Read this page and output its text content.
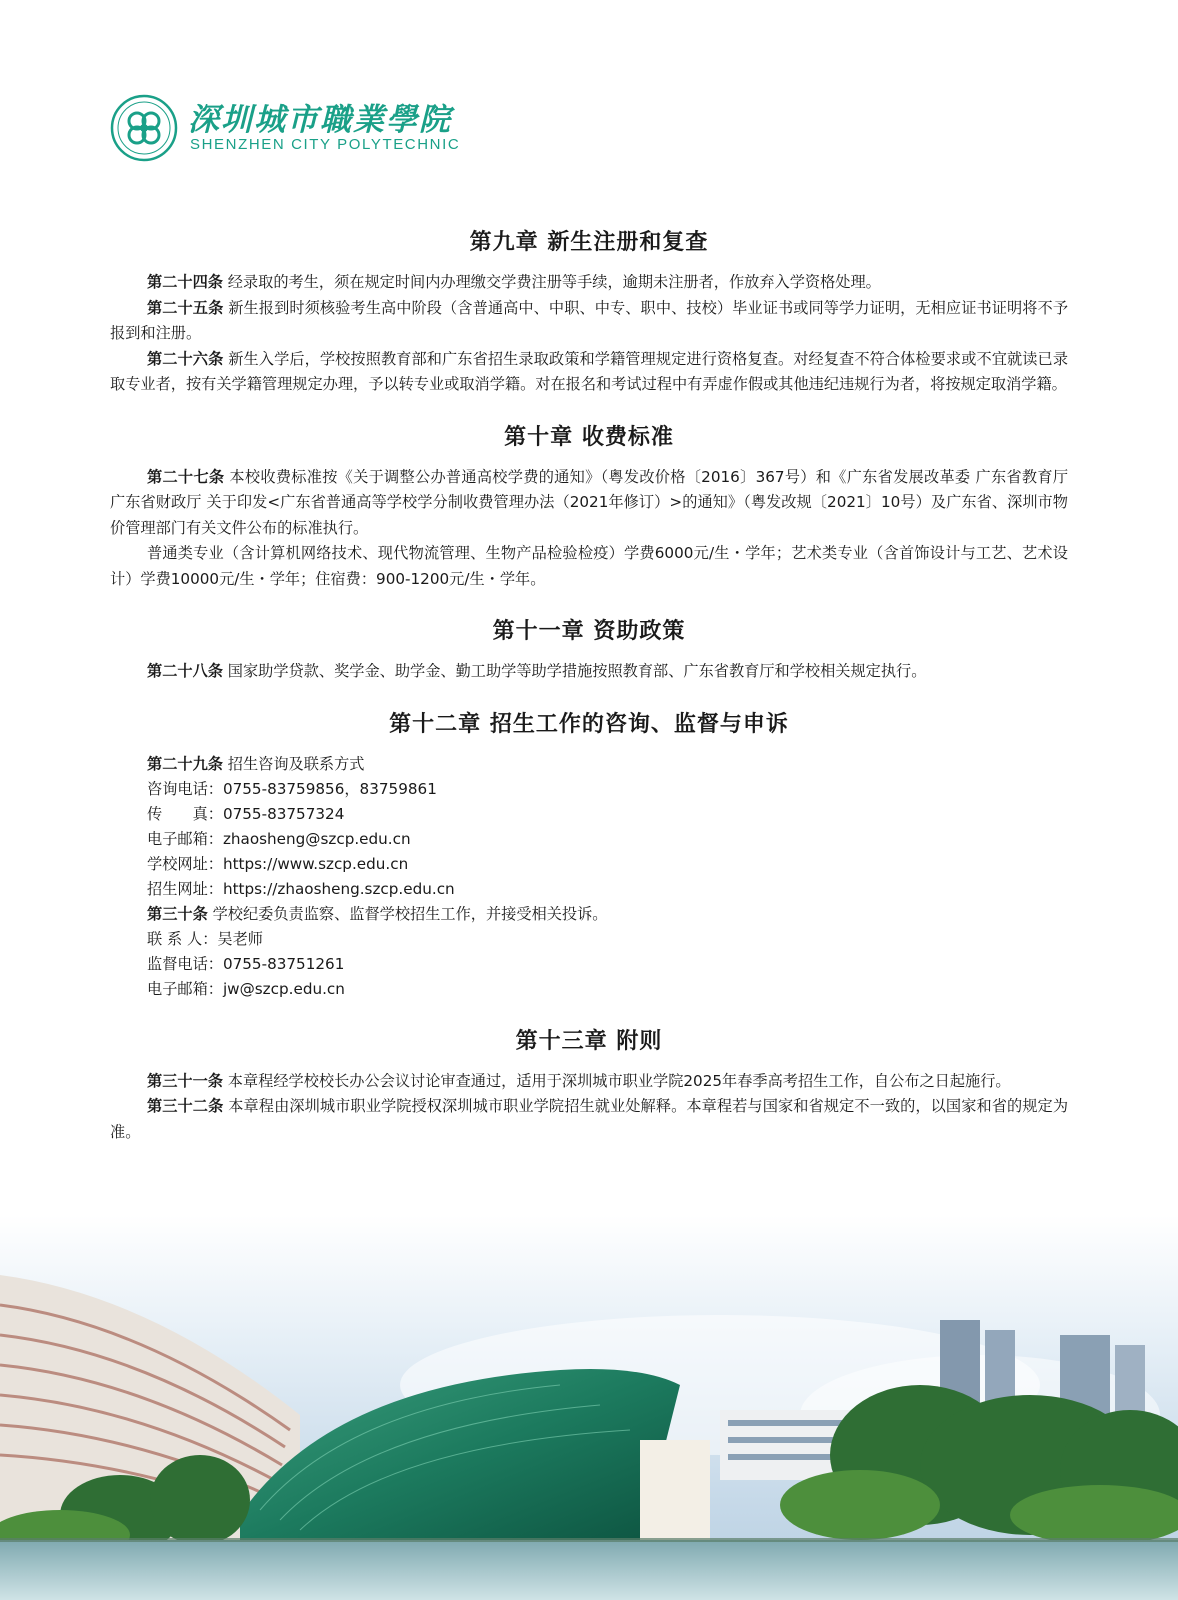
深圳城市職業學院
SHENZHEN CITY POLYTECHNIC
第九章 新生注册和复查

第二十四条 经录取的考生，须在规定时间内办理缴交学费注册等手续，逾期未注册者，作放弃入学资格处理。

第二十五条 新生报到时须核验考生高中阶段（含普通高中、中职、中专、职中、技校）毕业证书或同等学力证明，无相应证书证明将不予报到和注册。

第二十六条 新生入学后，学校按照教育部和广东省招生录取政策和学籍管理规定进行资格复查。对经复查不符合体检要求或不宜就读已录取专业者，按有关学籍管理规定办理，予以转专业或取消学籍。对在报名和考试过程中有弄虚作假或其他违纪违规行为者，将按规定取消学籍。

第十章 收费标准

第二十七条 本校收费标准按《关于调整公办普通高校学费的通知》（粤发改价格〔2016〕367号）和《广东省发展改革委 广东省教育厅 广东省财政厅 关于印发<广东省普通高等学校学分制收费管理办法（2021年修订）>的通知》（粤发改规〔2021〕10号）及广东省、深圳市物价管理部门有关文件公布的标准执行。

普通类专业（含计算机网络技术、现代物流管理、生物产品检验检疫）学费6000元/生・学年；艺术类专业（含首饰设计与工艺、艺术设计）学费10000元/生・学年；住宿费：900-1200元/生・学年。

第十一章 资助政策

第二十八条 国家助学贷款、奖学金、助学金、勤工助学等助学措施按照教育部、广东省教育厅和学校相关规定执行。

第十二章 招生工作的咨询、监督与申诉

第二十九条 招生咨询及联系方式

咨询电话：0755-83759856，83759861

传　　真：0755-83757324

电子邮箱：zhaosheng@szcp.edu.cn

学校网址：https://www.szcp.edu.cn

招生网址：https://zhaosheng.szcp.edu.cn

第三十条 学校纪委负责监察、监督学校招生工作，并接受相关投诉。

联 系 人：吴老师

监督电话：0755-83751261

电子邮箱：jw@szcp.edu.cn

第十三章 附则

第三十一条 本章程经学校校长办公会议讨论审查通过，适用于深圳城市职业学院2025年春季高考招生工作，自公布之日起施行。

第三十二条 本章程由深圳城市职业学院授权深圳城市职业学院招生就业处解释。本章程若与国家和省规定不一致的，以国家和省的规定为准。
